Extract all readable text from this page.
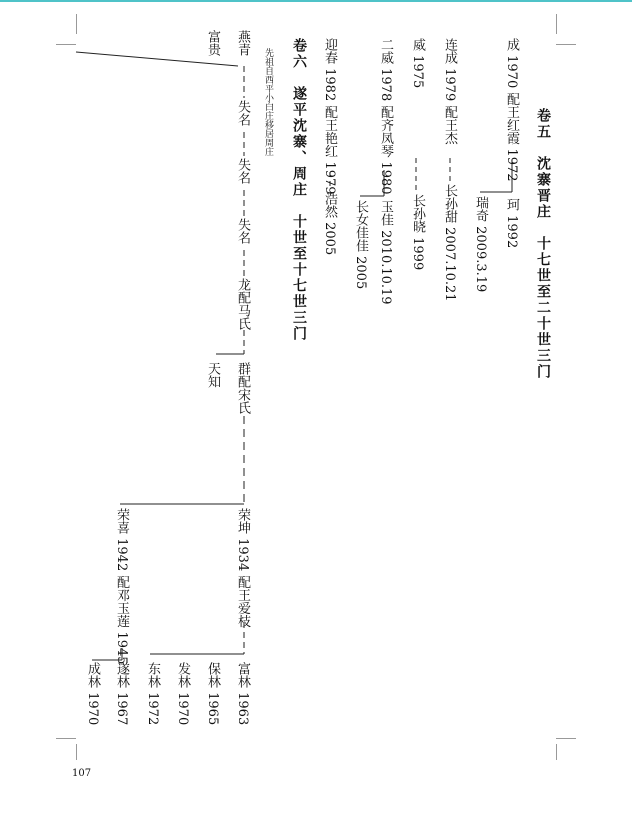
卷五　沈寨晋庄　十七世至二十世三门
成 1970 配王红霞 1972
珂 1992
瑞奇 2009.3.19
连成 1979 配王杰
长孙甜 2007.10.21
威 1975
长孙晓 1999
二威 1978 配齐凤琴 1980
玉佳 2010.10.19
长女佳佳 2005
迎春 1982 配王艳红 1979
浩然 2005
卷六　遂平沈寨、周庄　十世至十七世三门
先祖自西平小白庄移居周庄
燕青
富贵
失名
失名
失名
龙配马氏
群配宋氏
天知
荣坤 1934 配王爱枝
荣喜 1942 配邓玉莲 1945
富林 1963
保林 1965
发林 1970
东林 1972
遂林 1967
成林 1970
107
